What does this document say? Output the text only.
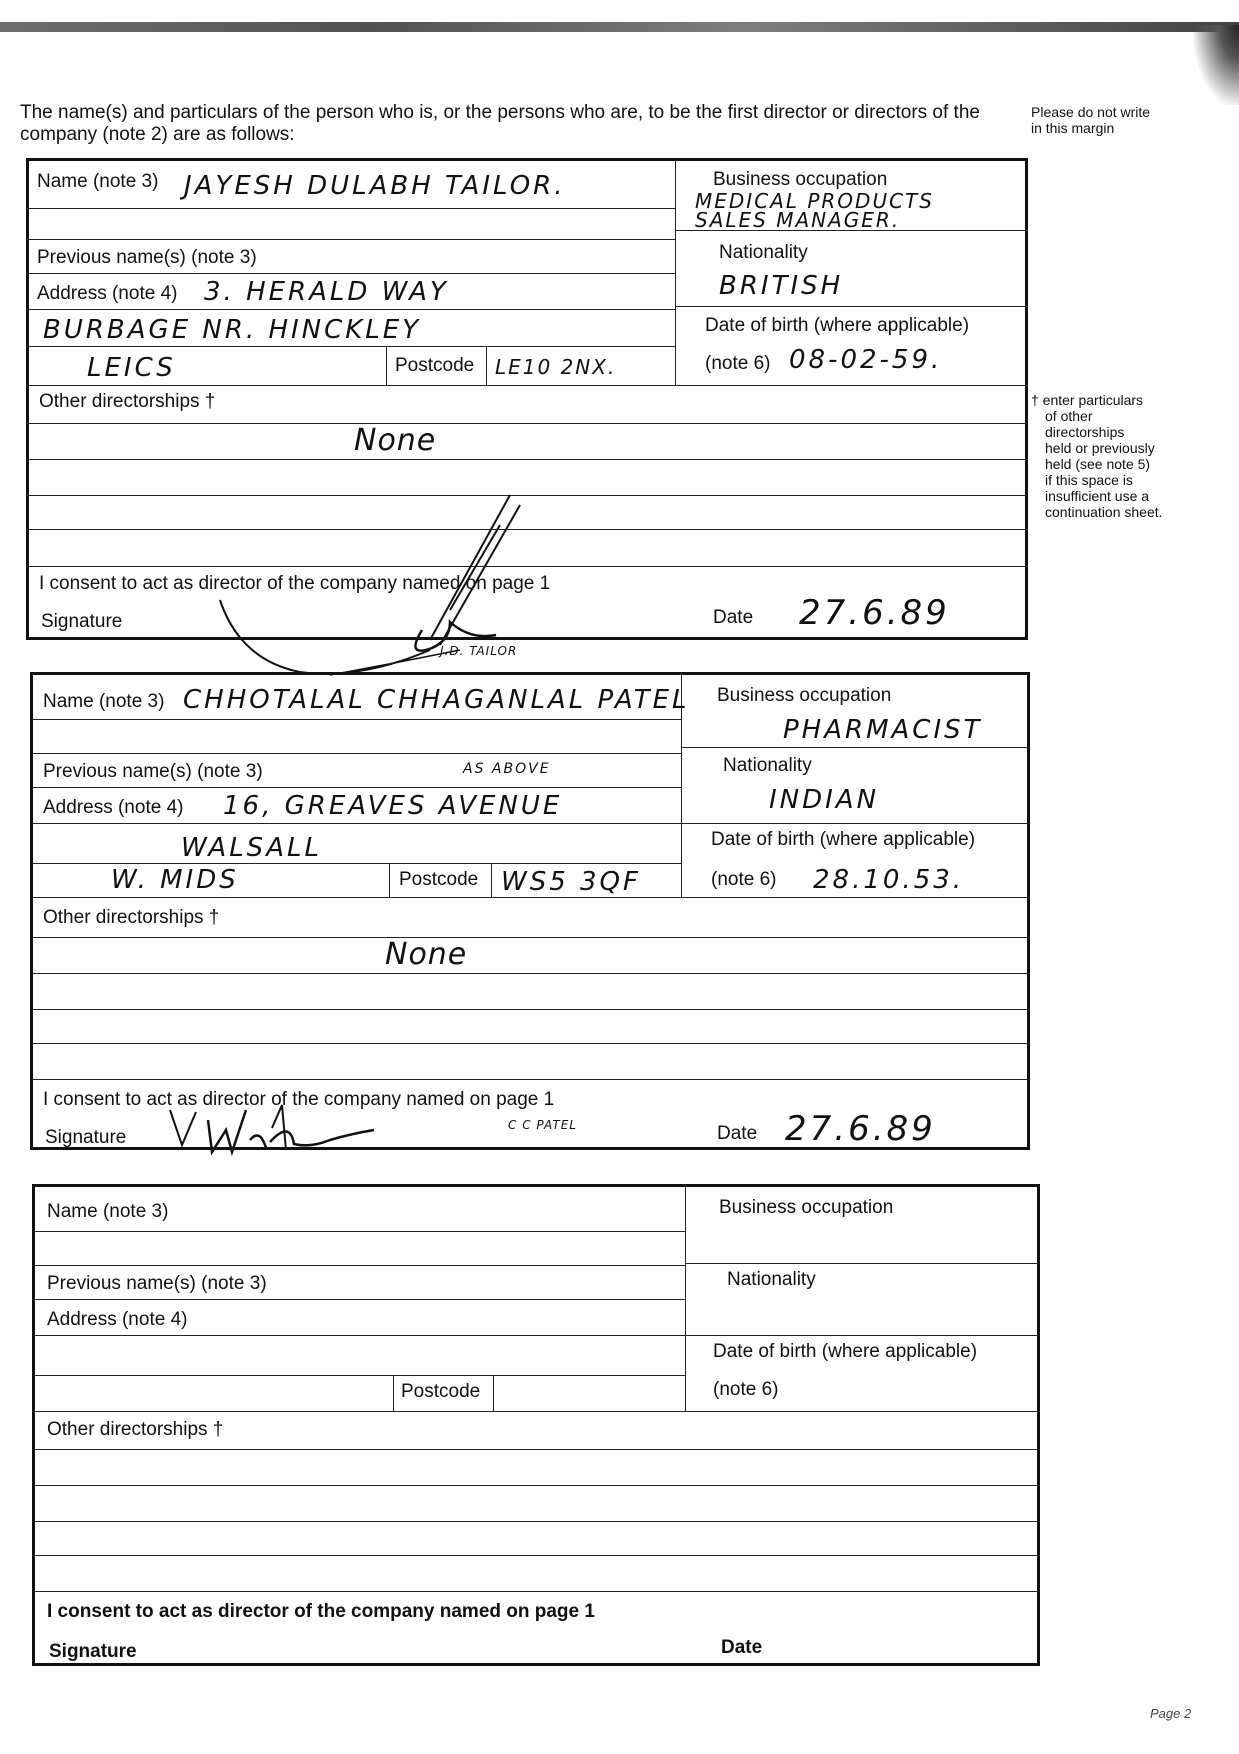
The name(s) and particulars of the person who is, or the persons who are, to be the first director or directors of the company (note 2) are as follows:
Please do not write in this margin
† enter particulars
of other
directorships
held or previously
held (see note 5)
if this space is
insufficient use a
continuation sheet.
Name (note 3) JAYESH DULABH TAILOR.	Business occupation
MEDICAL PRODUCTS
SALES MANAGER.
Previous name(s) (note 3)	Nationality
BRITISH
Address (note 4) 3. HERALD WAY
BURBAGE NR. HINCKLEY	Date of birth (where applicable)
LEICS	Postcode LE10 2NX.	(note 6) 08-02-59.
Other directorships †
None
I consent to act as director of the company named on page 1
Signature	Date 27.6.89
J.D. TAILOR
Name (note 3) CHHOTALAL CHHAGANLAL PATEL Business occupation
PHARMACIST
Previous name(s) (note 3)	AS ABOVE	Nationality
INDIAN
Address (note 4) 16, GREAVES AVENUE
WALSALL	Date of birth (where applicable)
W. MIDS	Postcode WS5 3QF	(note 6) 28.10.53.
Other directorships †
None
I consent to act as director of the company named on page 1
Signature	Date 27.6.89
C C PATEL
Name (note 3)	Business occupation
Previous name(s) (note 3)	Nationality
Address (note 4)
Date of birth (where applicable)
Postcode	(note 6)
Other directorships †
I consent to act as director of the company named on page 1
Signature	Date
Page 2
